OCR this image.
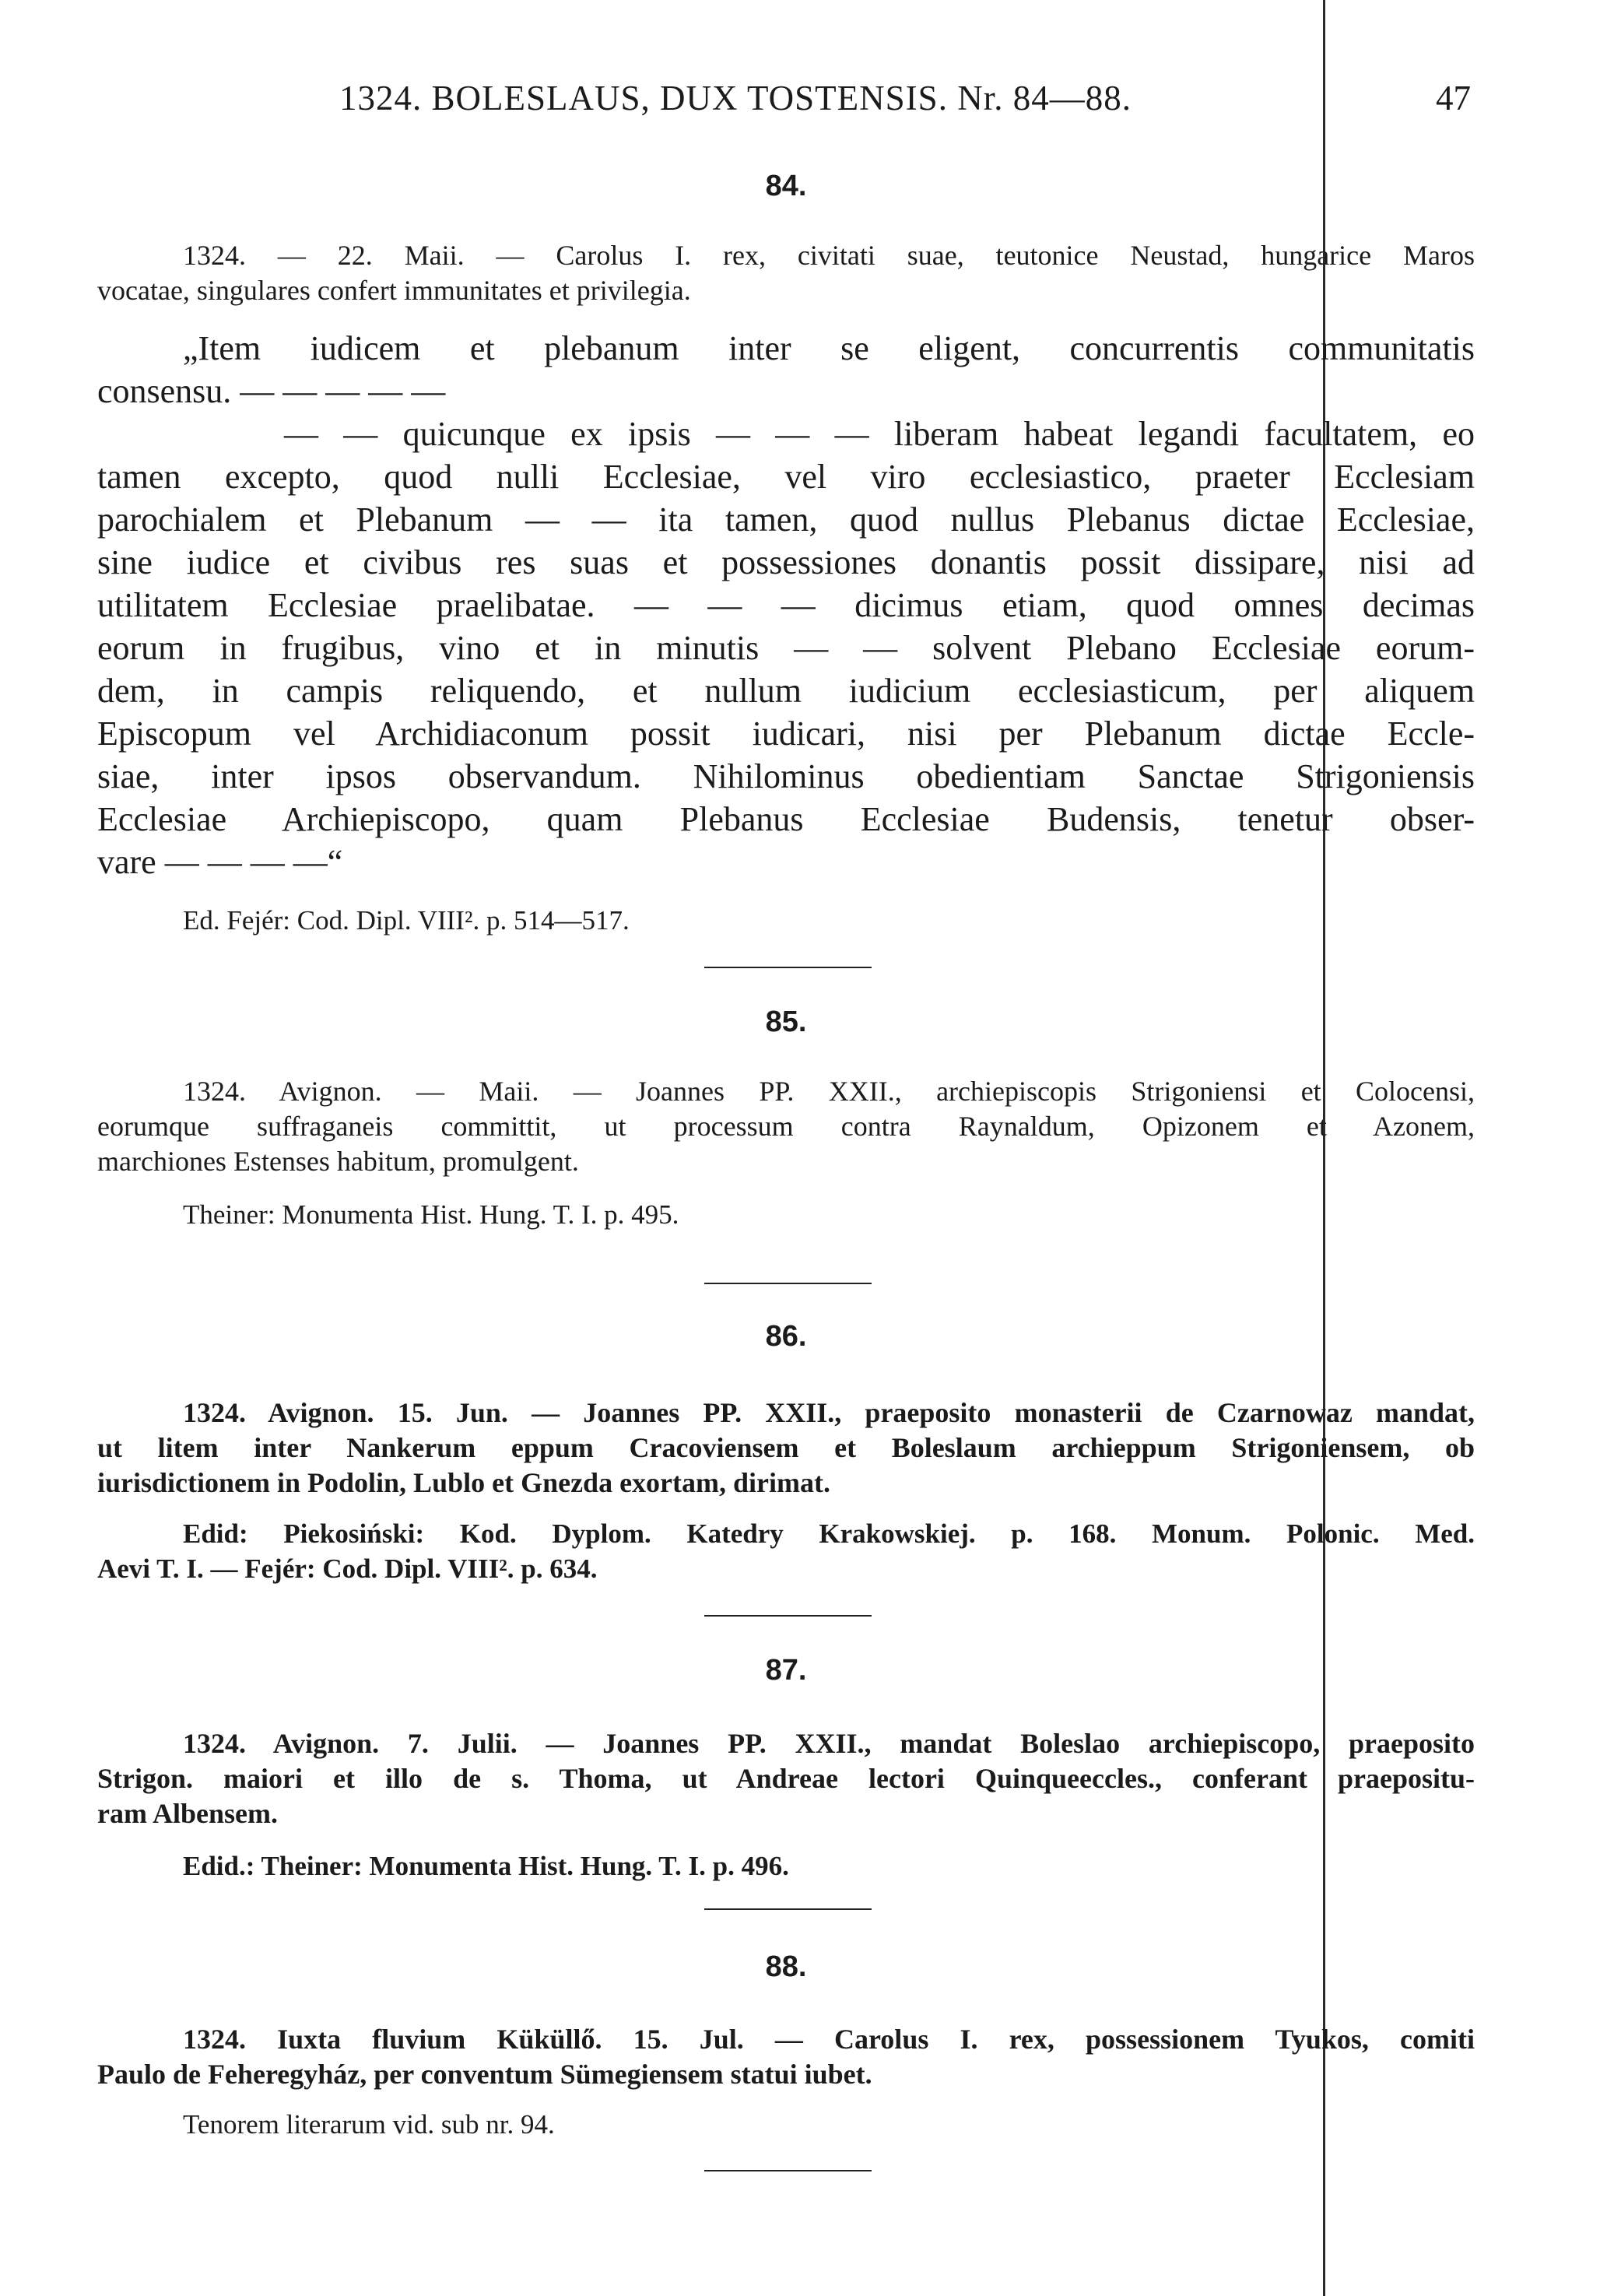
1324. BOLESLAUS, DUX TOSTENSIS. Nr. 84—88.	47
84.
1324. — 22. Maii. — Carolus I. rex, civitati suae, teutonice Neustad, hungarice Maros
vocatae, singulares confert immunitates et privilegia.
„Item iudicem et plebanum inter se eligent, concurrentis communitatis
consensu. — — — — —
— — quicunque ex ipsis — — — liberam habeat legandi facultatem, eo
tamen excepto, quod nulli Ecclesiae, vel viro ecclesiastico, praeter Ecclesiam
parochialem et Plebanum — — ita tamen, quod nullus Plebanus dictae Ecclesiae,
sine iudice et civibus res suas et possessiones donantis possit dissipare, nisi ad
utilitatem Ecclesiae praelibatae. — — — dicimus etiam, quod omnes decimas
eorum in frugibus, vino et in minutis — — solvent Plebano Ecclesiae eorum-
dem, in campis reliquendo, et nullum iudicium ecclesiasticum, per aliquem
Episcopum vel Archidiaconum possit iudicari, nisi per Plebanum dictae Eccle-
siae, inter ipsos observandum. Nihilominus obedientiam Sanctae Strigoniensis
Ecclesiae Archiepiscopo, quam Plebanus Ecclesiae Budensis, tenetur obser-
vare — — — —“
Ed. Fejér: Cod. Dipl. VIII². p. 514—517.
85.
1324. Avignon. — Maii. — Joannes PP. XXII., archiepiscopis Strigoniensi et Colocensi,
eorumque suffraganeis committit, ut processum contra Raynaldum, Opizonem et Azonem,
marchiones Estenses habitum, promulgent.
Theiner: Monumenta Hist. Hung. T. I. p. 495.
86.
1324. Avignon. 15. Jun. — Joannes PP. XXII., praeposito monasterii de Czarnowaz mandat,
ut litem inter Nankerum eppum Cracoviensem et Boleslaum archieppum Strigoniensem, ob
iurisdictionem in Podolin, Lublo et Gnezda exortam, dirimat.
Edid: Piekosiński: Kod. Dyplom. Katedry Krakowskiej. p. 168. Monum. Polonic. Med.
Aevi T. I. — Fejér: Cod. Dipl. VIII². p. 634.
87.
1324. Avignon. 7. Julii. — Joannes PP. XXII., mandat Boleslao archiepiscopo, praeposito
Strigon. maiori et illo de s. Thoma, ut Andreae lectori Quinqueeccles., conferant praepositu-
ram Albensem.
Edid.: Theiner: Monumenta Hist. Hung. T. I. p. 496.
88.
1324. Iuxta fluvium Küküllő. 15. Jul. — Carolus I. rex, possessionem Tyukos, comiti
Paulo de Feheregyház, per conventum Sümegiensem statui iubet.
Tenorem literarum vid. sub nr. 94.
